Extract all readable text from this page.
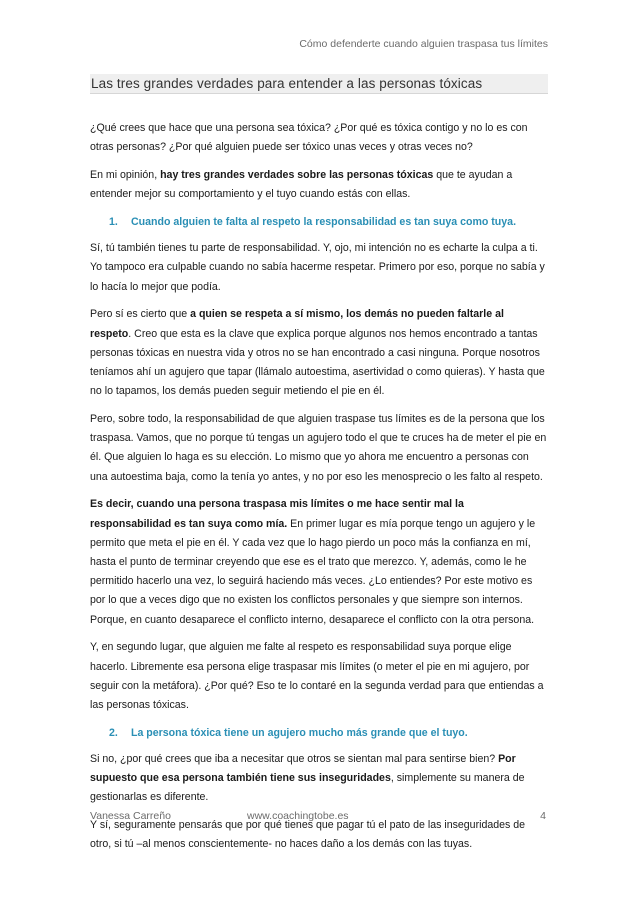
Cómo defenderte cuando alguien traspasa tus límites
Las tres grandes verdades para entender a las personas tóxicas

¿Qué crees que hace que una persona sea tóxica? ¿Por qué es tóxica contigo y no lo es con otras personas? ¿Por qué alguien puede ser tóxico unas veces y otras veces no?

En mi opinión, hay tres grandes verdades sobre las personas tóxicas que te ayudan a entender mejor su comportamiento y el tuyo cuando estás con ellas.

1. Cuando alguien te falta al respeto la responsabilidad es tan suya como tuya.

Sí, tú también tienes tu parte de responsabilidad. Y, ojo, mi intención no es echarte la culpa a ti. Yo tampoco era culpable cuando no sabía hacerme respetar. Primero por eso, porque no sabía y lo hacía lo mejor que podía.

Pero sí es cierto que a quien se respeta a sí mismo, los demás no pueden faltarle al respeto. Creo que esta es la clave que explica porque algunos nos hemos encontrado a tantas personas tóxicas en nuestra vida y otros no se han encontrado a casi ninguna. Porque nosotros teníamos ahí un agujero que tapar (llámalo autoestima, asertividad o como quieras). Y hasta que no lo tapamos, los demás pueden seguir metiendo el pie en él.

Pero, sobre todo, la responsabilidad de que alguien traspase tus límites es de la persona que los traspasa. Vamos, que no porque tú tengas un agujero todo el que te cruces ha de meter el pie en él. Que alguien lo haga es su elección. Lo mismo que yo ahora me encuentro a personas con una autoestima baja, como la tenía yo antes, y no por eso les menosprecio o les falto al respeto.

Es decir, cuando una persona traspasa mis límites o me hace sentir mal la responsabilidad es tan suya como mía. En primer lugar es mía porque tengo un agujero y le permito que meta el pie en él. Y cada vez que lo hago pierdo un poco más la confianza en mí, hasta el punto de terminar creyendo que ese es el trato que merezco. Y, además, como le he permitido hacerlo una vez, lo seguirá haciendo más veces. ¿Lo entiendes? Por este motivo es por lo que a veces digo que no existen los conflictos personales y que siempre son internos. Porque, en cuanto desaparece el conflicto interno, desaparece el conflicto con la otra persona.

Y, en segundo lugar, que alguien me falte al respeto es responsabilidad suya porque elige hacerlo. Libremente esa persona elige traspasar mis límites (o meter el pie en mi agujero, por seguir con la metáfora). ¿Por qué? Eso te lo contaré en la segunda verdad para que entiendas a las personas tóxicas.

2. La persona tóxica tiene un agujero mucho más grande que el tuyo.

Si no, ¿por qué crees que iba a necesitar que otros se sientan mal para sentirse bien? Por supuesto que esa persona también tiene sus inseguridades, simplemente su manera de gestionarlas es diferente.

Y sí, seguramente pensarás que por qué tienes que pagar tú el pato de las inseguridades de otro, si tú –al menos conscientemente- no haces daño a los demás con las tuyas.

Vanessa Carreño	www.coachingtobe.es	4
